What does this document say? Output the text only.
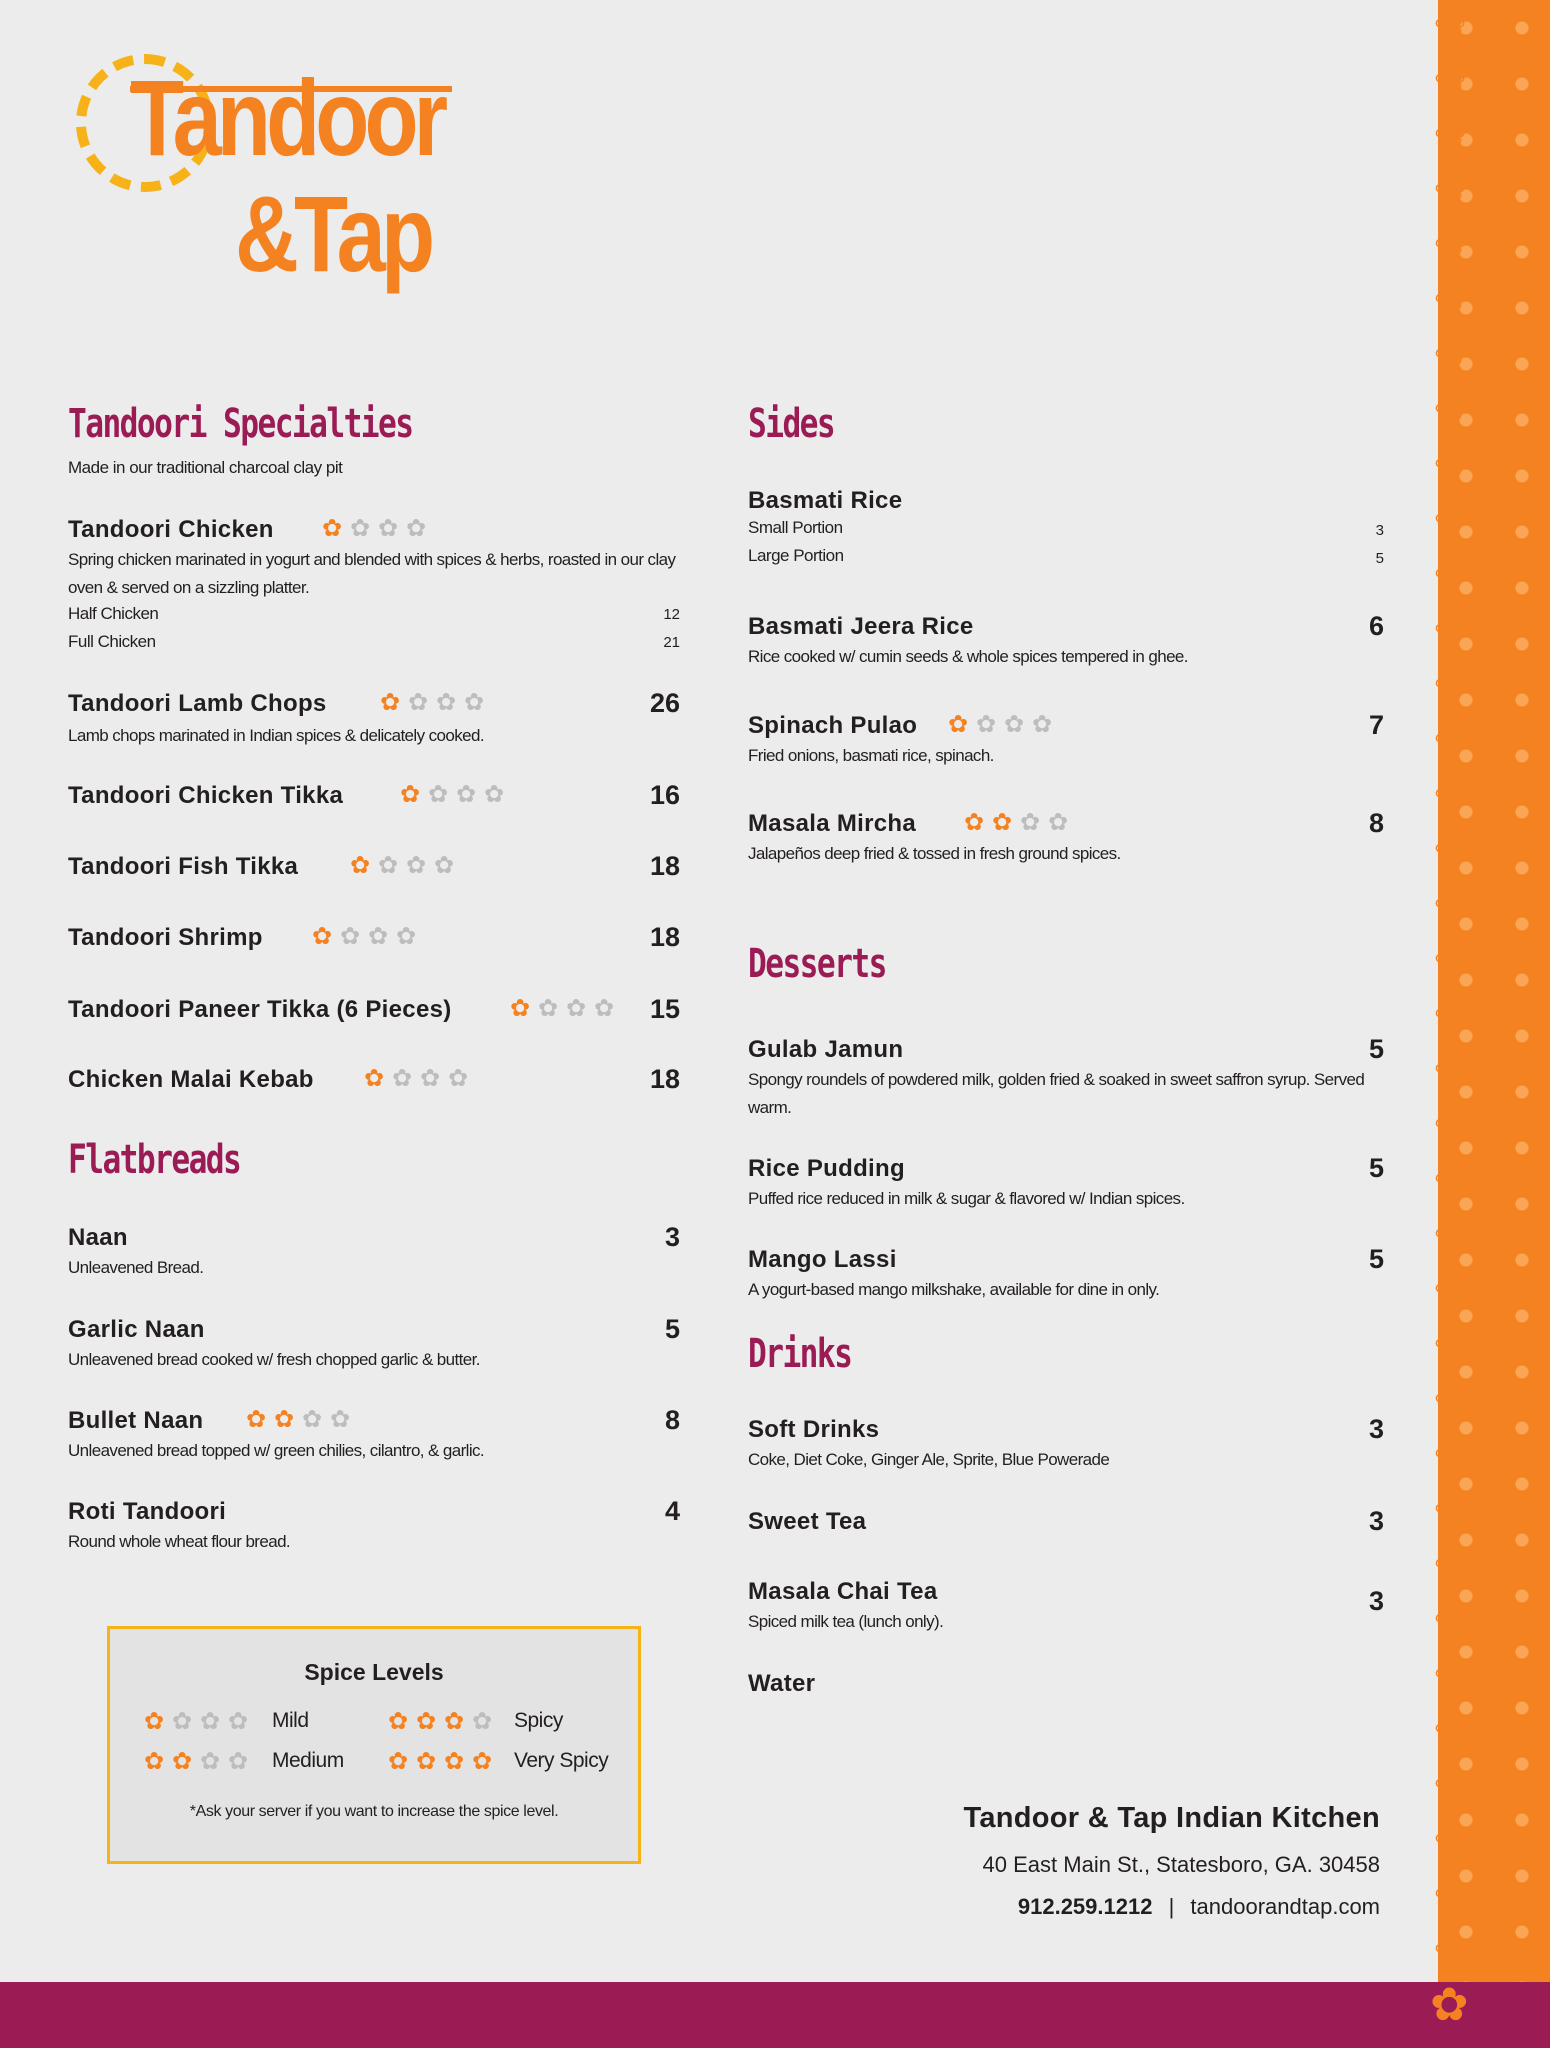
❁
❁
❁
❁
❁
❁
❁
❁
❁
❁
❁
❁
❁
❁
❁
❁
❁
❁
❁
❁
❁
❁
❁
❁
❁
❁
❁
❁
❁
❁
❁
❁
❁
❁
❁
❁
✿
Tandoor
&Tap
Tandoori Specialties
Made in our traditional charcoal clay pit
Tandoori Chicken ✿ ✿ ✿ ✿
Spring chicken marinated in yogurt and blended with spices & herbs, roasted in our clay oven & served on a sizzling platter.
Half Chicken	12
Full Chicken	21
Tandoori Lamb Chops ✿ ✿ ✿ ✿	26
Lamb chops marinated in Indian spices & delicately cooked.
Tandoori Chicken Tikka ✿ ✿ ✿ ✿	16
Tandoori Fish Tikka ✿ ✿ ✿ ✿	18
Tandoori Shrimp ✿ ✿ ✿ ✿	18
Tandoori Paneer Tikka (6 Pieces) ✿ ✿ ✿ ✿	15
Chicken Malai Kebab ✿ ✿ ✿ ✿	18
Flatbreads
Naan	3
Unleavened Bread.
Garlic Naan	5
Unleavened bread cooked w/ fresh chopped garlic & butter.
Bullet Naan ✿ ✿ ✿ ✿	8
Unleavened bread topped w/ green chilies, cilantro, & garlic.
Roti Tandoori	4
Round whole wheat flour bread.
Spice Levels
✿ ✿ ✿ ✿ Mild
✿ ✿ ✿ ✿ Medium
✿ ✿ ✿ ✿ Spicy
✿ ✿ ✿ ✿ Very Spicy
*Ask your server if you want to increase the spice level.
Sides
Basmati Rice
Small Portion	3
Large Portion	5
Basmati Jeera Rice	6
Rice cooked w/ cumin seeds & whole spices tempered in ghee.
Spinach Pulao ✿ ✿ ✿ ✿	7
Fried onions, basmati rice, spinach.
Masala Mircha ✿ ✿ ✿ ✿	8
Jalapeños deep fried & tossed in fresh ground spices.
Desserts
Gulab Jamun	5
Spongy roundels of powdered milk, golden fried & soaked in sweet saffron syrup. Served warm.
Rice Pudding	5
Puffed rice reduced in milk & sugar & flavored w/ Indian spices.
Mango Lassi	5
A yogurt-based mango milkshake, available for dine in only.
Drinks
Soft Drinks	3
Coke, Diet Coke, Ginger Ale, Sprite, Blue Powerade
Sweet Tea	3
Masala Chai Tea	3
Spiced milk tea (lunch only).
Water
Tandoor & Tap Indian Kitchen
40 East Main St., Statesboro, GA. 30458
912.259.1212 | tandoorandtap.com
